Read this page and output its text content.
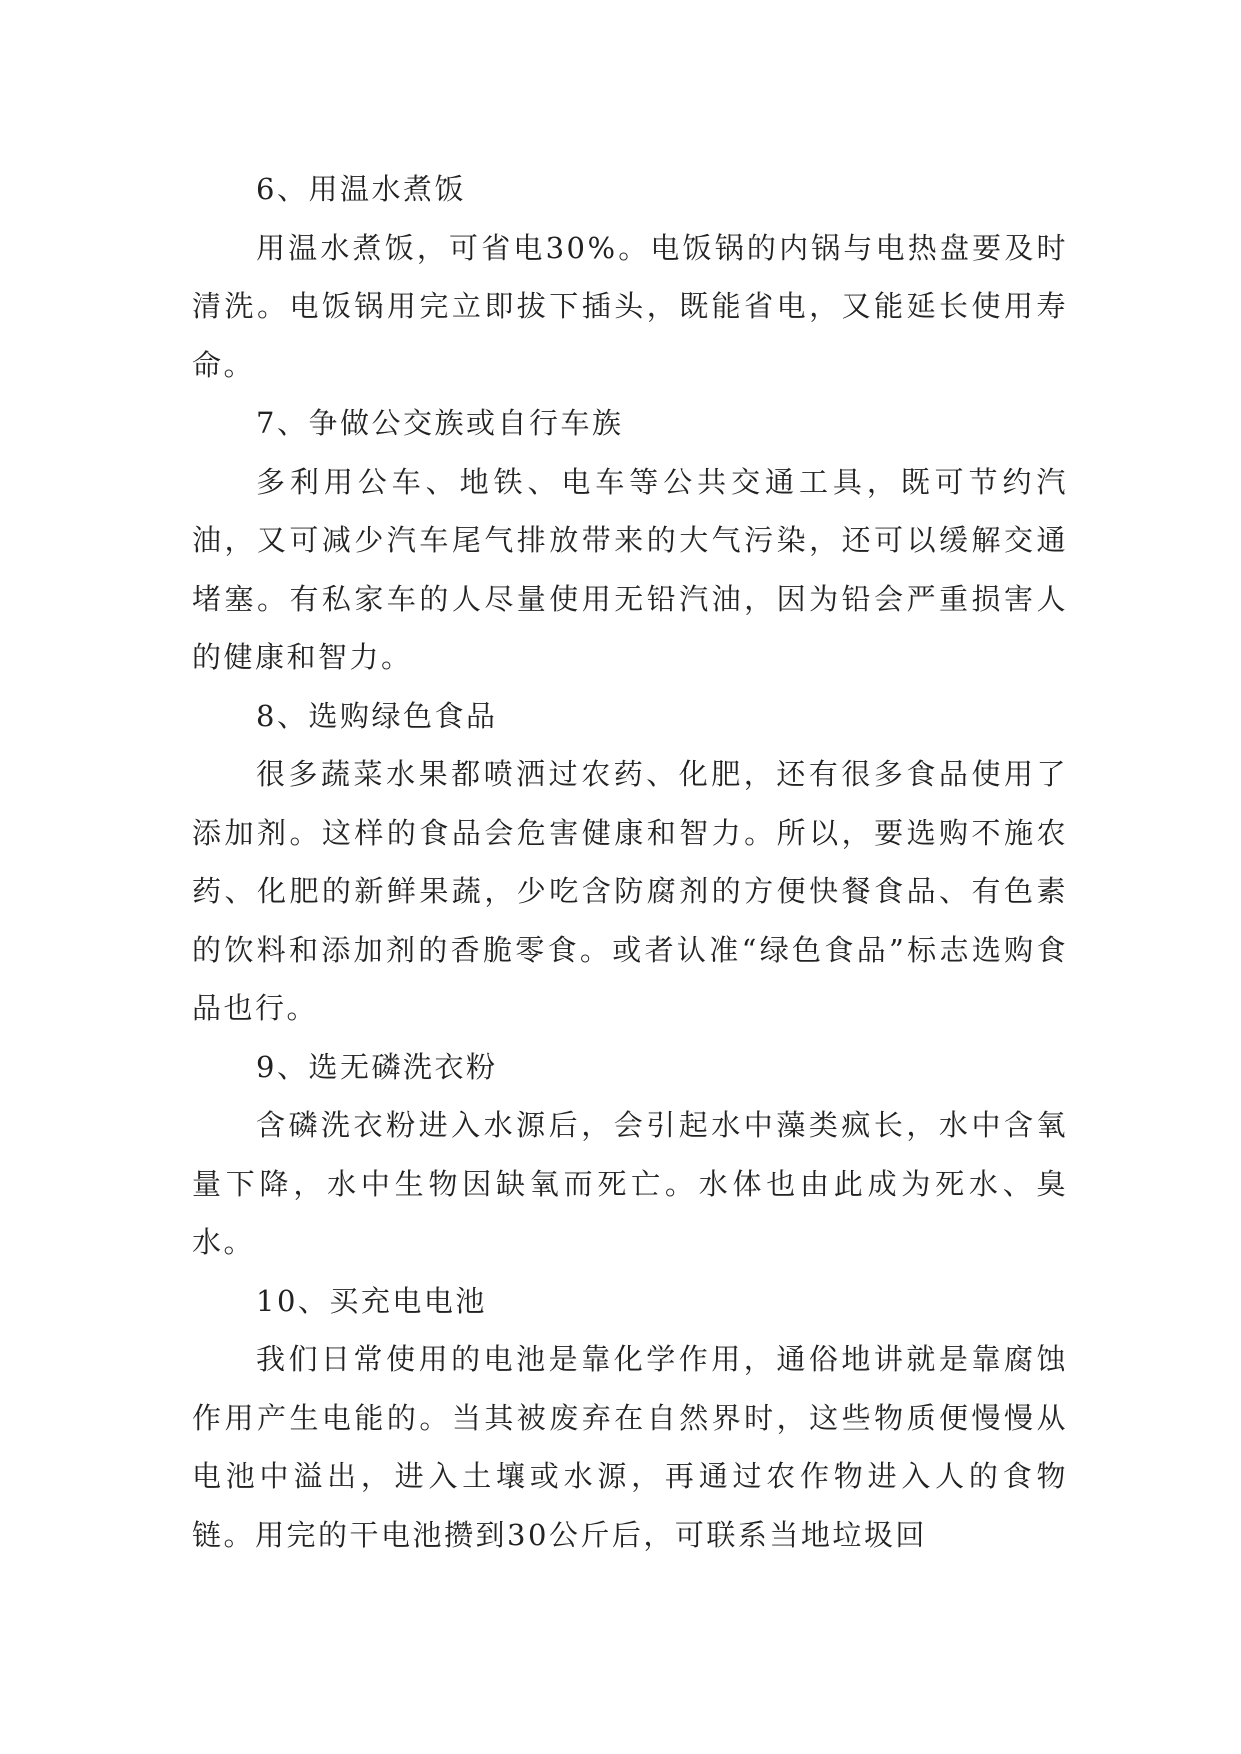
6、用温水煮饭

用温水煮饭，可省电30%。电饭锅的内锅与电热盘要及时清洗。电饭锅用完立即拔下插头，既能省电，又能延长使用寿命。

7、争做公交族或自行车族

多利用公车、地铁、电车等公共交通工具，既可节约汽油，又可减少汽车尾气排放带来的大气污染，还可以缓解交通堵塞。有私家车的人尽量使用无铅汽油，因为铅会严重损害人的健康和智力。

8、选购绿色食品

很多蔬菜水果都喷洒过农药、化肥，还有很多食品使用了添加剂。这样的食品会危害健康和智力。所以，要选购不施农药、化肥的新鲜果蔬，少吃含防腐剂的方便快餐食品、有色素的饮料和添加剂的香脆零食。或者认准“绿色食品”标志选购食品也行。

9、选无磷洗衣粉

含磷洗衣粉进入水源后，会引起水中藻类疯长，水中含氧量下降，水中生物因缺氧而死亡。水体也由此成为死水、臭水。

10、买充电电池

我们日常使用的电池是靠化学作用，通俗地讲就是靠腐蚀作用产生电能的。当其被废弃在自然界时，这些物质便慢慢从电池中溢出，进入土壤或水源，再通过农作物进入人的食物链。用完的干电池攒到30公斤后，可联系当地垃圾回
